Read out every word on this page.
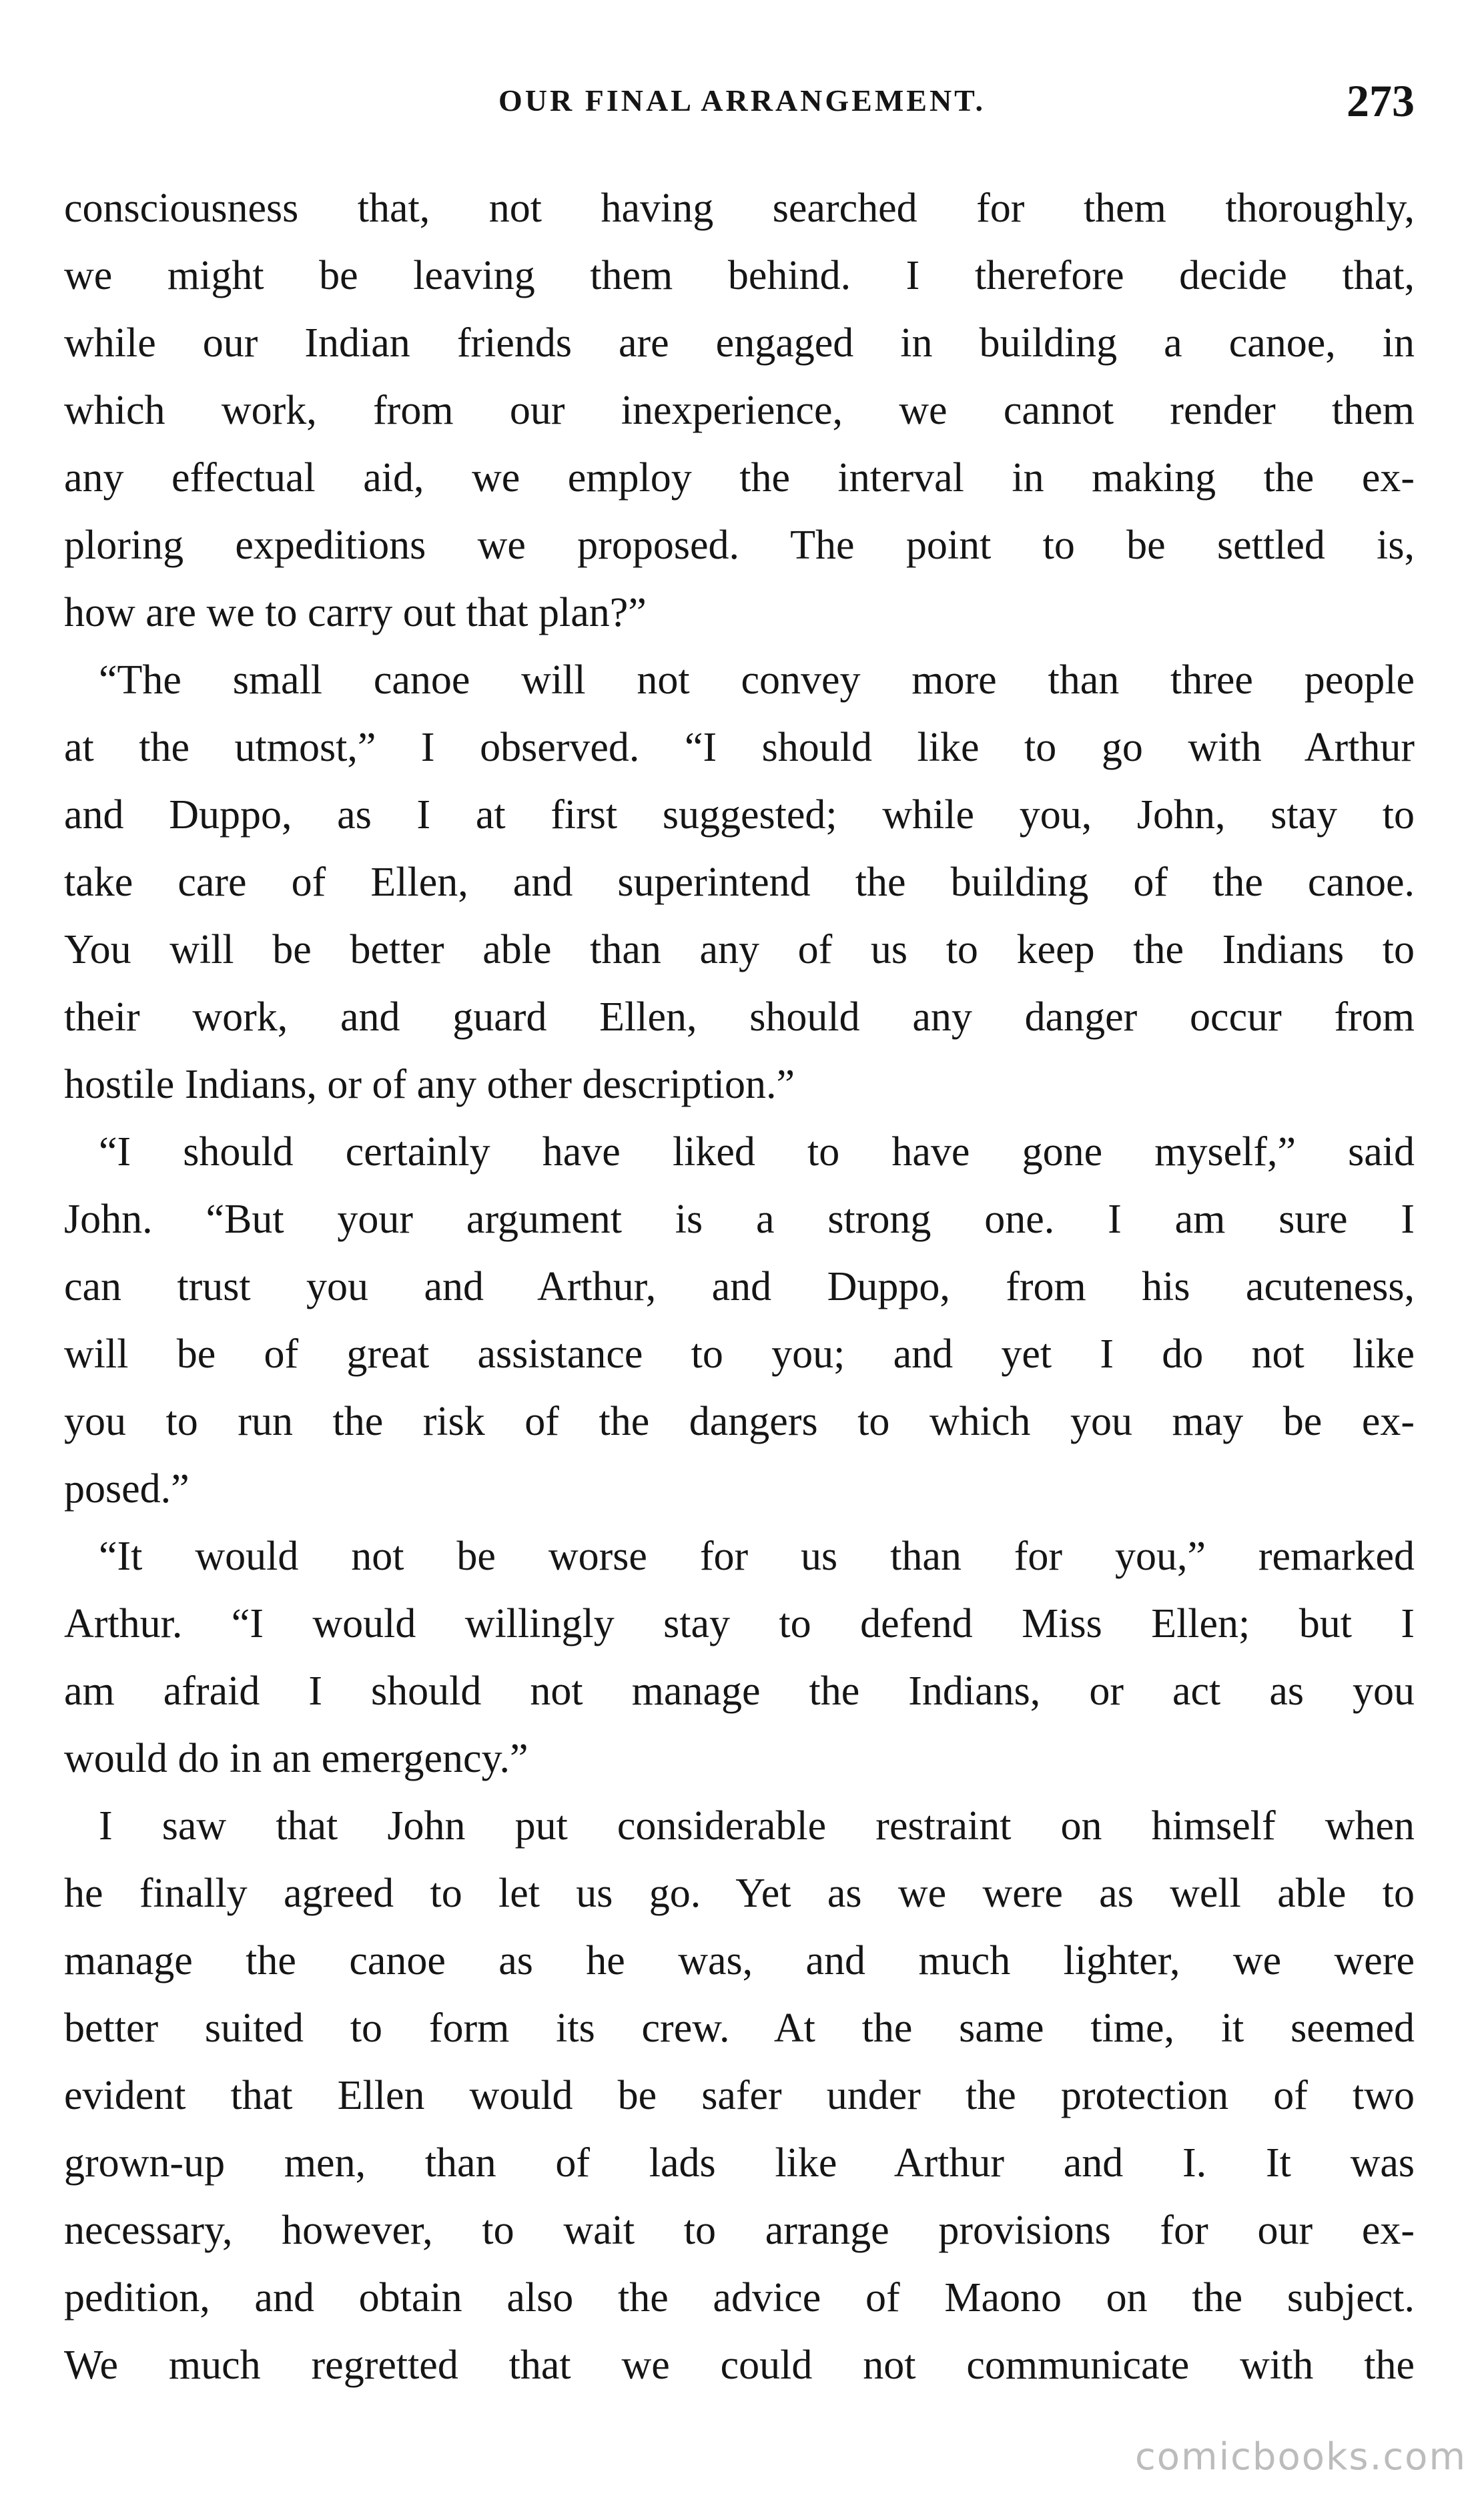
OUR FINAL ARRANGEMENT.	273
consciousness that, not having searched for them thoroughly,
we might be leaving them behind. I therefore decide that,
while our Indian friends are engaged in building a canoe, in
which work, from our inexperience, we cannot render them
any effectual aid, we employ the interval in making the ex-
ploring expeditions we proposed. The point to be settled is,
how are we to carry out that plan?”
“The small canoe will not convey more than three people
at the utmost,” I observed. “I should like to go with Arthur
and Duppo, as I at first suggested; while you, John, stay to
take care of Ellen, and superintend the building of the canoe.
You will be better able than any of us to keep the Indians to
their work, and guard Ellen, should any danger occur from
hostile Indians, or of any other description.”
“I should certainly have liked to have gone myself,” said
John. “But your argument is a strong one. I am sure I
can trust you and Arthur, and Duppo, from his acuteness,
will be of great assistance to you; and yet I do not like
you to run the risk of the dangers to which you may be ex-
posed.”
“It would not be worse for us than for you,” remarked
Arthur. “I would willingly stay to defend Miss Ellen; but I
am afraid I should not manage the Indians, or act as you
would do in an emergency.”
I saw that John put considerable restraint on himself when
he finally agreed to let us go. Yet as we were as well able to
manage the canoe as he was, and much lighter, we were
better suited to form its crew. At the same time, it seemed
evident that Ellen would be safer under the protection of two
grown-up men, than of lads like Arthur and I. It was
necessary, however, to wait to arrange provisions for our ex-
pedition, and obtain also the advice of Maono on the subject.
We much regretted that we could not communicate with the
comicbooks.com
